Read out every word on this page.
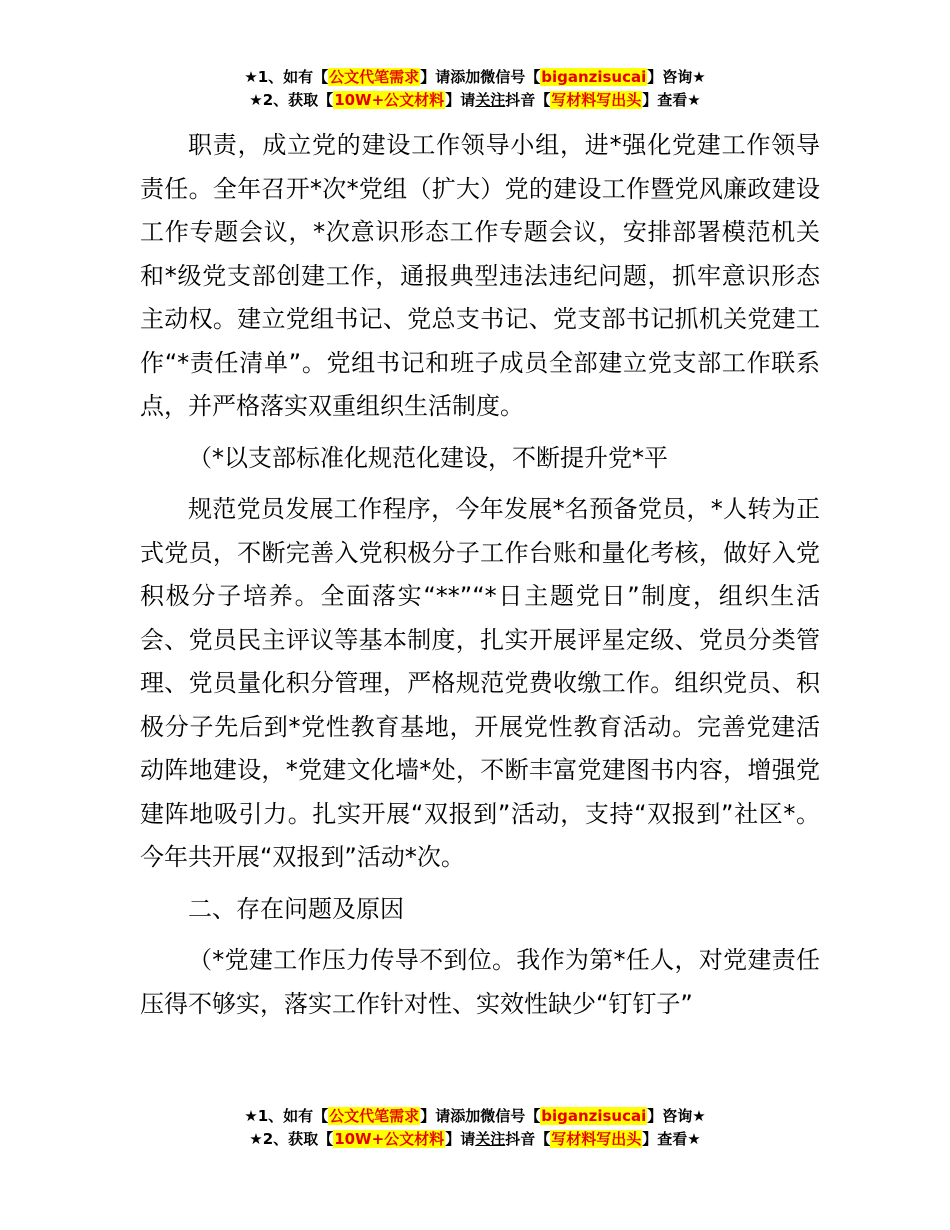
★1、如有【公文代笔需求】请添加微信号【biganzisucai】咨询★
★2、获取【10W+公文材料】请关注抖音【写材料写出头】查看★

职责，成立党的建设工作领导小组，进*强化党建工作领导责任。全年召开*次*党组（扩大）党的建设工作暨党风廉政建设工作专题会议，*次意识形态工作专题会议，安排部署模范机关和*级党支部创建工作，通报典型违法违纪问题，抓牢意识形态主动权。建立党组书记、党总支书记、党支部书记抓机关党建工作“*责任清单”。党组书记和班子成员全部建立党支部工作联系点，并严格落实双重组织生活制度。

（*以支部标准化规范化建设，不断提升党*平

规范党员发展工作程序，今年发展*名预备党员，*人转为正式党员，不断完善入党积极分子工作台账和量化考核，做好入党积极分子培养。全面落实“**”“*日主题党日”制度，组织生活会、党员民主评议等基本制度，扎实开展评星定级、党员分类管理、党员量化积分管理，严格规范党费收缴工作。组织党员、积极分子先后到*党性教育基地，开展党性教育活动。完善党建活动阵地建设，*党建文化墙*处，不断丰富党建图书内容，增强党建阵地吸引力。扎实开展“双报到”活动，支持“双报到”社区*。今年共开展“双报到”活动*次。

二、存在问题及原因

（*党建工作压力传导不到位。我作为第*任人，对党建责任压得不够实，落实工作针对性、实效性缺少“钉钉子”

★1、如有【公文代笔需求】请添加微信号【biganzisucai】咨询★
★2、获取【10W+公文材料】请关注抖音【写材料写出头】查看★
